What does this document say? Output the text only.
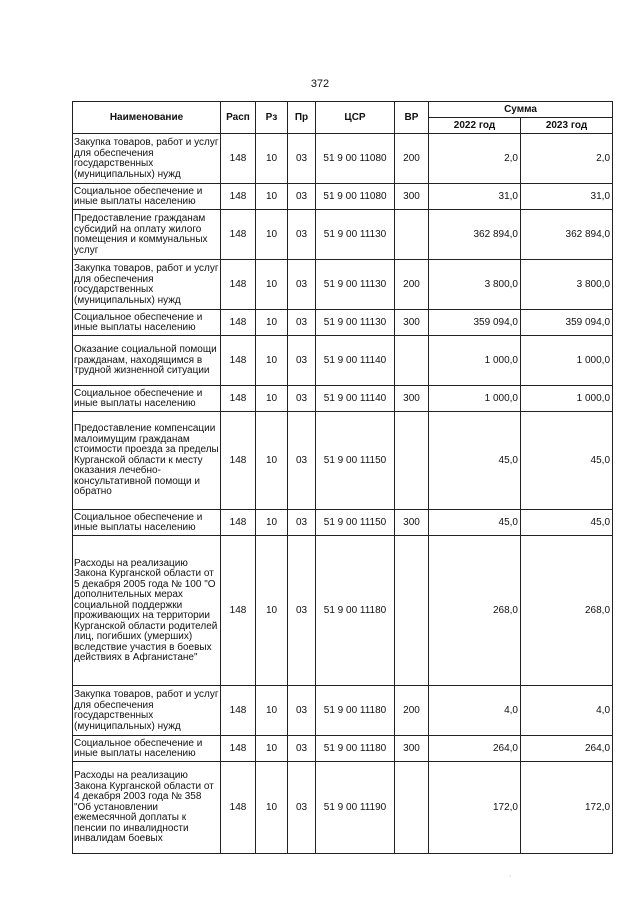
372
Наименование	Расп	Рз	Пр	ЦСР	ВР	Сумма	
						2022 год	2023 год
Закупка товаров, работ и услуг для обеспечения государственных (муниципальных) нужд	148	10	03	51 9 00 11080	200	2,0	2,0
Социальное обеспечение и иные выплаты населению	148	10	03	51 9 00 11080	300	31,0	31,0
Предоставление гражданам субсидий на оплату жилого помещения и коммунальных услуг	148	10	03	51 9 00 11130		362 894,0	362 894,0
Закупка товаров, работ и услуг для обеспечения государственных (муниципальных) нужд	148	10	03	51 9 00 11130	200	3 800,0	3 800,0
Социальное обеспечение и иные выплаты населению	148	10	03	51 9 00 11130	300	359 094,0	359 094,0
Оказание социальной помощи гражданам, находящимся в трудной жизненной ситуации	148	10	03	51 9 00 11140		1 000,0	1 000,0
Социальное обеспечение и иные выплаты населению	148	10	03	51 9 00 11140	300	1 000,0	1 000,0
Предоставление компенсации малоимущим гражданам стоимости проезда за пределы Курганской области к месту оказания лечебно-консультативной помощи и обратно	148	10	03	51 9 00 11150		45,0	45,0
Социальное обеспечение и иные выплаты населению	148	10	03	51 9 00 11150	300	45,0	45,0
Расходы на реализацию Закона Курганской области от 5 декабря 2005 года № 100 "О дополнительных мерах социальной поддержки проживающих на территории Курганской области родителей лиц, погибших (умерших) вследствие участия в боевых действиях в Афганистане"	148	10	03	51 9 00 11180		268,0	268,0
Закупка товаров, работ и услуг для обеспечения государственных (муниципальных) нужд	148	10	03	51 9 00 11180	200	4,0	4,0
Социальное обеспечение и иные выплаты населению	148	10	03	51 9 00 11180	300	264,0	264,0
Расходы на реализацию Закона Курганской области от 4 декабря 2003 года № 358 "Об установлении ежемесячной доплаты к пенсии по инвалидности инвалидам боевых	148	10	03	51 9 00 11190		172,0	172,0
·
